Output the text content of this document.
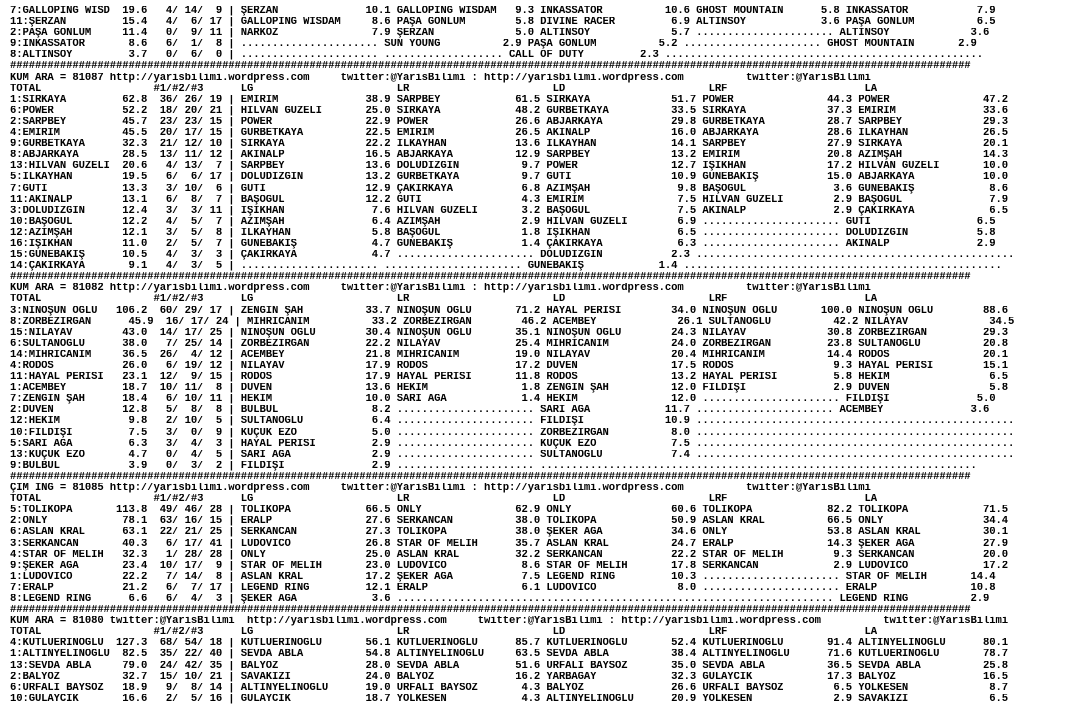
7:GALLOPING WISD  19.6   4/ 14/  9 | ŞERZAN              10.1 GALLOPING WISDAM   9.3 INKASSATOR          10.6 GHOST MOUNTAIN      5.8 INKASSATOR           7.9
11:ŞERZAN         15.4   4/  6/ 17 | GALLOPING WISDAM     8.6 PAŞA GÖNLÜM        5.8 DIVINE RACER         6.9 ALTINSOY            3.6 PAŞA GÖNLÜM          6.5
2:PAŞA GÖNLÜM     11.4   0/  9/ 11 | NARKOZ               7.9 ŞERZAN             5.0 ALTINSOY             5.7 ...................... ALTINSOY             3.6
9:INKASSATOR       8.6   6/  1/  8 | ...................... SUN YOUNG          2.9 PAŞA GÖNLÜM          5.2 ...................... GHOST MOUNTAIN       2.9
8:ALTINSOY         3.7   0/  6/  0 | ...................... ................... CALL OF DUTY         2.3 ...................................................
##########################################################################################################################################################
KUM ARA = 81087 http://yarisbilimi.wordpress.com     twitter:@YarisBilimi : http://yarisbilimi.wordpress.com          twitter:@YarisBilimi
TOTAL                  #1/#2/#3      LG                       LR                       LD                       LRF                      LA
1:SIRKAYA         62.8  36/ 26/ 19 | EMİRİM              38.9 SARPBEY            61.5 SIRKAYA             51.7 POWER               44.3 POWER               47.2
6:POWER           52.2  18/ 20/ 21 | HİLVAN GÜZELİ       25.0 SIRKAYA            48.2 GURBETKAYA          33.5 SIRKAYA             37.3 EMİRİM              33.6
2:SARPBEY         45.7  23/ 23/ 15 | POWER               22.9 POWER              26.6 ABJARKAYA           29.8 GURBETKAYA          28.7 SARPBEY             29.3
4:EMİRİM          45.5  20/ 17/ 15 | GURBETKAYA          22.5 EMİRİM             26.5 AKINALP             16.0 ABJARKAYA           28.6 İLKAYHAN            26.5
9:GURBETKAYA      32.3  21/ 12/ 10 | SIRKAYA             22.2 İLKAYHAN           13.6 İLKAYHAN            14.1 SARPBEY             27.9 SIRKAYA             20.1
8:ABJARKAYA       28.5  13/ 11/ 12 | AKINALP             16.5 ABJARKAYA          12.9 SARPBEY             13.2 EMİRİM              20.8 AZİMŞAH             14.3
13:HİLVAN GÜZELİ  20.6   4/ 13/  7 | SARPBEY             13.6 DOLUDİZGİN          9.7 POWER               12.7 IŞIKHAN             17.2 HİLVAN GÜZELİ       10.0
5:İLKAYHAN        19.5   6/  6/ 17 | DOLUDİZGİN          13.2 GURBETKAYA          9.7 GUTİ                10.9 GÜNEBAKIŞ           15.0 ABJARKAYA           10.0
7:GUTİ            13.3   3/ 10/  6 | GUTİ                12.9 ÇAKIRKAYA           6.8 AZİMŞAH              9.8 BAŞOĞUL              3.6 GÜNEBAKIŞ            8.6
11:AKINALP        13.1   6/  8/  7 | BAŞOĞUL             12.2 GUTİ                4.3 EMİRİM               7.5 HİLVAN GÜZELİ        2.9 BAŞOĞUL              7.9
3:DOLUDİZGİN      12.4   3/  3/ 11 | IŞIKHAN              7.6 HİLVAN GÜZELİ       3.2 BAŞOĞUL              7.5 AKINALP              2.9 ÇAKIRKAYA            6.5
10:BAŞOĞUL        12.2   4/  5/  7 | AZİMŞAH              6.4 AZİMŞAH             2.9 HİLVAN GÜZELİ        6.9 ...................... GUTİ                 6.5
12:AZİMŞAH        12.1   3/  5/  8 | İLKAYHAN             5.8 BAŞOĞUL             1.8 IŞIKHAN              6.5 ...................... DOLUDİZGİN           5.8
16:IŞIKHAN        11.0   2/  5/  7 | GÜNEBAKIŞ            4.7 GÜNEBAKIŞ           1.4 ÇAKIRKAYA            6.3 ...................... AKINALP              2.9
15:GÜNEBAKIŞ      10.5   4/  3/  3 | ÇAKIRKAYA            4.7 ...................... DOLUDİZGİN           2.3 ...................................................
14:ÇAKIRKAYA       9.1   4/  3/  5 | ...................... ...................... GÜNEBAKIŞ            1.4 ...................................................
##########################################################################################################################################################
KUM ARA = 81082 http://yarisbilimi.wordpress.com     twitter:@YarisBilimi : http://yarisbilimi.wordpress.com          twitter:@YarisBilimi
TOTAL                  #1/#2/#3      LG                       LR                       LD                       LRF                      LA
3:NİNOŞUN OĞLU   106.2  60/ 29/ 17 | ZENGİN ŞAH          33.7 NİNOŞUN OĞLU       71.2 HAYAL PERİSİ        34.0 NİNOŞUN OĞLU       100.0 NİNOŞUN OĞLU        88.6
8:ZORBEZİRGAN      45.9  16/ 17/ 24 | MİHRİCANIM          33.2 ZORBEZİRGAN        46.2 ACEMBEY             26.1 SULTANOĞLU          42.2 NİLAYAV             34.5
15:NİLAYAV        43.0  14/ 17/ 25 | NİNOŞUN OĞLU        30.4 NİNOŞUN OĞLU       35.1 NİNOŞUN OĞLU        24.3 NİLAYAV             30.8 ZORBEZİRGAN         29.3
6:SULTANOĞLU      38.0   7/ 25/ 14 | ZORBEZİRGAN         22.2 NİLAYAV            25.4 MİHRİCANIM          24.0 ZORBEZİRGAN         23.8 SULTANOĞLU          20.8
14:MİHRİCANIM     36.5  26/  4/ 12 | ACEMBEY             21.8 MİHRİCANIM         19.0 NİLAYAV             20.4 MİHRİCANIM          14.4 RODOS               20.1
4:RODOS           26.0   6/ 19/ 12 | NİLAYAV             17.9 RODOS              17.2 DÜVEN               17.5 RODOS                9.3 HAYAL PERİSİ        15.1
11:HAYAL PERİSİ   23.1  12/  9/ 15 | RODOS               17.9 HAYAL PERİSİ       11.8 RODOS               13.2 HAYAL PERİSİ         5.8 HEKİM                6.5
1:ACEMBEY         18.7  10/ 11/  8 | DÜVEN               13.6 HEKİM               1.8 ZENGİN ŞAH          12.0 FİLDİŞİ              2.9 DÜVEN                5.8
7:ZENGİN ŞAH      18.4   6/ 10/ 11 | HEKİM               10.0 SARI AĞA            1.4 HEKİM               12.0 ...................... FİLDİŞİ              5.0
2:DÜVEN           12.8   5/  8/  8 | BÜLBÜL               8.2 ...................... SARI AĞA            11.7 ...................... ACEMBEY              3.6
12:HEKİM           9.8   2/ 10/  5 | SULTANOĞLU           6.4 ...................... FİLDİŞİ             10.9 ...................................................
10:FİLDİŞİ         7.5   3/  0/  9 | KÜÇÜK EZO            5.0 ...................... ZORBEZİRGAN          8.0 ...................................................
5:SARI AĞA         6.3   3/  4/  3 | HAYAL PERİSİ         2.9 ...................... KÜÇÜK EZO            7.5 ...................................................
13:KÜÇÜK EZO       4.7   0/  4/  5 | SARI AĞA             2.9 ...................... SULTANOĞLU           7.4 ...................................................
9:BÜLBÜL           3.9   0/  3/  2 | FİLDİŞİ              2.9 ...................... ......................................................................
##########################################################################################################################################################
ÇİM İNG = 81085 http://yarisbilimi.wordpress.com     twitter:@YarisBilimi : http://yarisbilimi.wordpress.com          twitter:@YarisBilimi
TOTAL                  #1/#2/#3      LG                       LR                       LD                       LRF                      LA
5:TOLİKOPA       113.8  49/ 46/ 28 | TOLİKOPA            66.5 ONLY               62.9 ONLY                60.6 TOLİKOPA            82.2 TOLİKOPA            71.5
2:ONLY            78.1  63/ 16/ 15 | ERALP               27.6 SERKANCAN          38.0 TOLİKOPA            50.9 ASLAN KRAL          66.5 ONLY                34.4
6:ASLAN KRAL      63.1  22/ 21/ 25 | SERKANCAN           27.3 TOLİKOPA           38.0 ŞEKER AĞA           34.6 ONLY                53.8 ASLAN KRAL          30.1
3:SERKANCAN       40.3   6/ 17/ 41 | LUDOVICO            26.8 STAR OF MELİH      35.7 ASLAN KRAL          24.7 ERALP               14.3 ŞEKER AĞA           27.9
4:STAR OF MELİH   32.3   1/ 28/ 28 | ONLY                25.0 ASLAN KRAL         32.2 SERKANCAN           22.2 STAR OF MELİH        9.3 SERKANCAN           20.0
9:ŞEKER AĞA       23.4  10/ 17/  9 | STAR OF MELİH       23.0 LUDOVICO            8.6 STAR OF MELİH       17.8 SERKANCAN            2.9 LUDOVICO            17.2
1:LUDOVICO        22.2   7/ 14/  8 | ASLAN KRAL          17.2 ŞEKER AĞA           7.5 LEGEND RING         10.3 ...................... STAR OF MELİH       14.4
7:ERALP           21.2   6/  7/ 17 | LEGEND RING         12.1 ERALP               6.1 LUDOVICO             8.0 ...................... ERALP               10.8
8:LEGEND RING      6.6   6/  4/  3 | ŞEKER AĞA            3.6 ...................................................................... LEGEND RING          2.9
##########################################################################################################################################################
KUM ARA = 81080 twitter:@YarisBilimi  http://yarisbilimi.wordpress.com     twitter:@YarisBilimi : http://yarisbilimi.wordpress.com          twitter:@YarisBilimi
TOTAL                  #1/#2/#3      LG                       LR                       LD                       LRF                      LA
4:KUTLUERİNOĞLU  127.3  68/ 54/ 18 | KUTLUERİNOĞLU       56.1 KUTLUERİNOĞLU      85.7 KUTLUERİNOĞLU       52.4 KUTLUERİNOĞLU       91.4 ALTINYELİNOĞLU      80.1
1:ALTINYELİNOĞLU  82.5  35/ 22/ 40 | SEVDA ABLA          54.8 ALTINYELİNOĞLU     63.5 SEVDA ABLA          38.4 ALTINYELİNOĞLU      71.6 KUTLUERİNOĞLU       78.7
13:SEVDA ABLA     79.0  24/ 42/ 35 | BALYOZ              28.0 SEVDA ABLA         51.6 URFALI BAYSÖZ       35.0 SEVDA ABLA          36.5 SEVDA ABLA          25.8
2:BALYOZ          32.7  15/ 10/ 21 | SAVAKIZI            24.0 BALYOZ             16.2 YARBAGAY            32.3 GÜLAYCIK            17.3 BALYOZ              16.5
6:URFALI BAYSÖZ   18.9   9/  8/ 14 | ALTINYELİNOĞLU      19.0 URFALI BAYSÖZ       4.3 BALYOZ              26.6 URFALI BAYSÖZ        6.5 YOLKESEN             8.7
10:GÜLAYCIK       16.6   2/  5/ 16 | GÜLAYCIK            18.7 YOLKESEN            4.3 ALTINYELİNOĞLU      20.9 YOLKESEN             2.9 SAVAKIZI             6.5
